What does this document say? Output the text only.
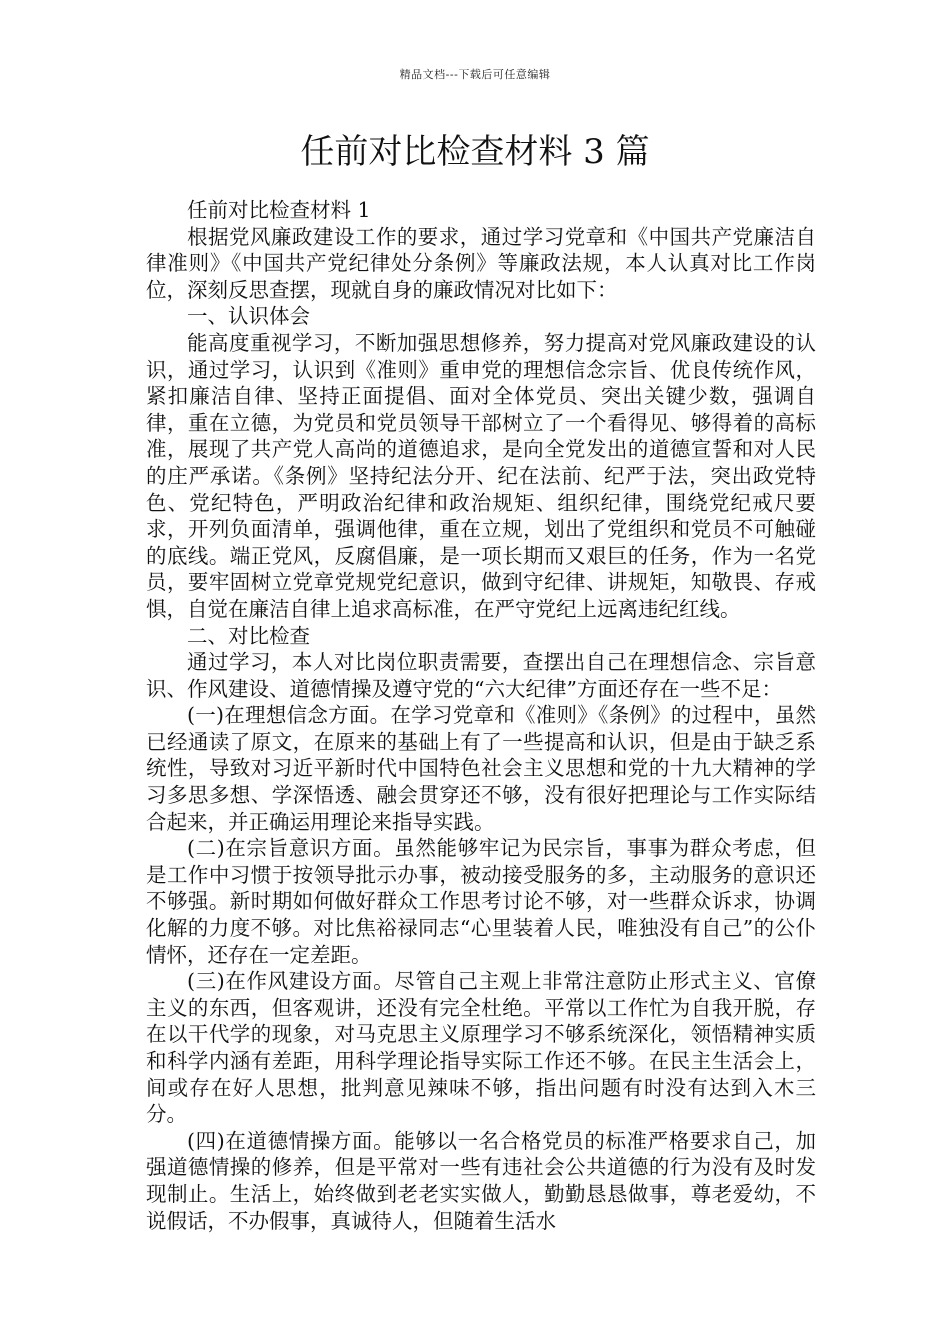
精品文档---下载后可任意编辑
任前对比检查材料 3 篇

任前对比检查材料 1

根据党风廉政建设工作的要求，通过学习党章和《中国共产党廉洁自律准则》《中国共产党纪律处分条例》等廉政法规，本人认真对比工作岗位，深刻反思查摆，现就自身的廉政情况对比如下：

一、认识体会

能高度重视学习，不断加强思想修养，努力提高对党风廉政建设的认识，通过学习，认识到《准则》重申党的理想信念宗旨、优良传统作风，紧扣廉洁自律、坚持正面提倡、面对全体党员、突出关键少数，强调自律，重在立德，为党员和党员领导干部树立了一个看得见、够得着的高标准，展现了共产党人高尚的道德追求，是向全党发出的道德宣誓和对人民的庄严承诺。《条例》坚持纪法分开、纪在法前、纪严于法，突出政党特色、党纪特色，严明政治纪律和政治规矩、组织纪律，围绕党纪戒尺要求，开列负面清单，强调他律，重在立规，划出了党组织和党员不可触碰的底线。端正党风，反腐倡廉，是一项长期而又艰巨的任务，作为一名党员，要牢固树立党章党规党纪意识，做到守纪律、讲规矩，知敬畏、存戒惧，自觉在廉洁自律上追求高标准，在严守党纪上远离违纪红线。

二、对比检查

通过学习，本人对比岗位职责需要，查摆出自己在理想信念、宗旨意识、作风建设、道德情操及遵守党的“六大纪律”方面还存在一些不足：

(一)在理想信念方面。在学习党章和《准则》《条例》的过程中，虽然已经通读了原文，在原来的基础上有了一些提高和认识，但是由于缺乏系统性，导致对习近平新时代中国特色社会主义思想和党的十九大精神的学习多思多想、学深悟透、融会贯穿还不够，没有很好把理论与工作实际结合起来，并正确运用理论来指导实践。

(二)在宗旨意识方面。虽然能够牢记为民宗旨，事事为群众考虑，但是工作中习惯于按领导批示办事，被动接受服务的多，主动服务的意识还不够强。新时期如何做好群众工作思考讨论不够，对一些群众诉求，协调化解的力度不够。对比焦裕禄同志“心里装着人民，唯独没有自己”的公仆情怀，还存在一定差距。

(三)在作风建设方面。尽管自己主观上非常注意防止形式主义、官僚主义的东西，但客观讲，还没有完全杜绝。平常以工作忙为自我开脱，存在以干代学的现象，对马克思主义原理学习不够系统深化，领悟精神实质和科学内涵有差距，用科学理论指导实际工作还不够。在民主生活会上，间或存在好人思想，批判意见辣味不够，指出问题有时没有达到入木三分。

(四)在道德情操方面。能够以一名合格党员的标准严格要求自己，加强道德情操的修养，但是平常对一些有违社会公共道德的行为没有及时发现制止。生活上，始终做到老老实实做人，勤勤恳恳做事，尊老爱幼，不说假话，不办假事，真诚待人，但随着生活水
